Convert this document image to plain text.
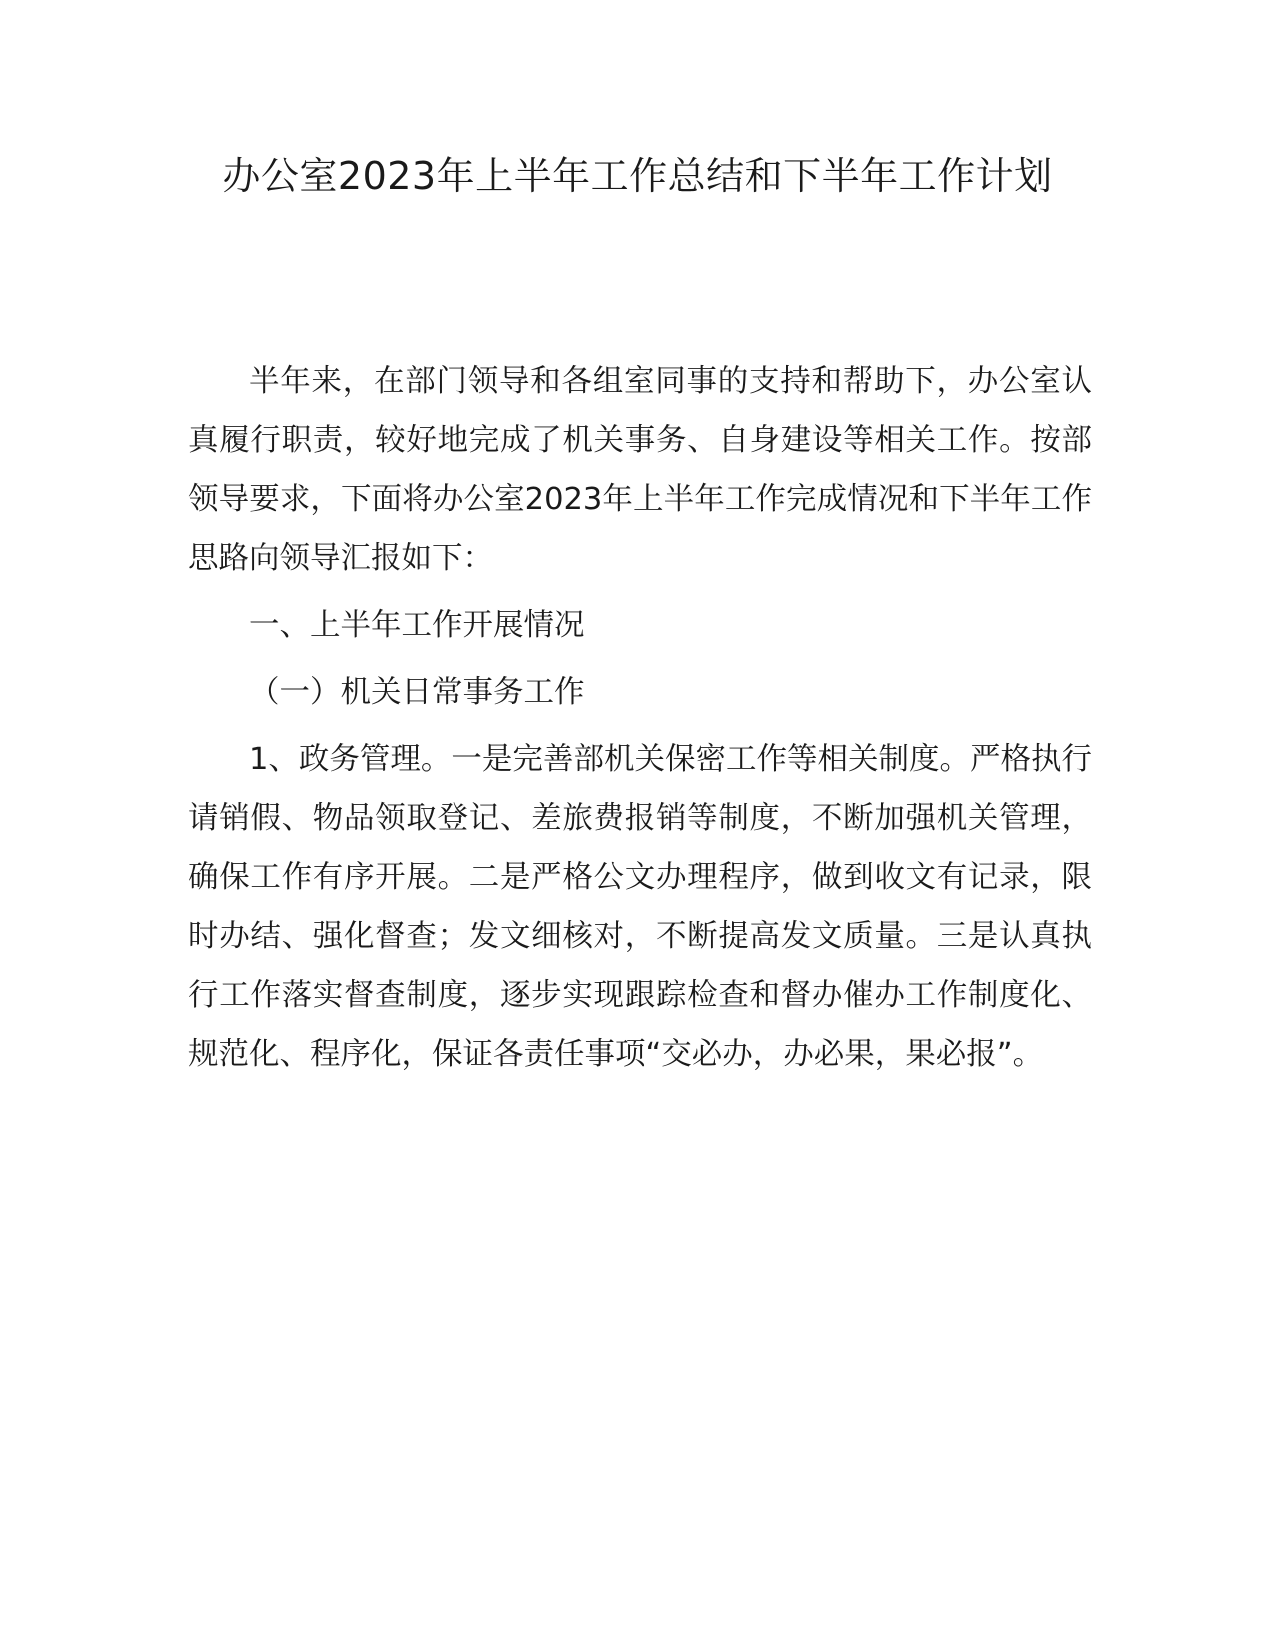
办公室2023年上半年工作总结和下半年工作计划

半年来，在部门领导和各组室同事的支持和帮助下，办公室认真履行职责，较好地完成了机关事务、自身建设等相关工作。按部领导要求，下面将办公室2023年上半年工作完成情况和下半年工作思路向领导汇报如下：

一、上半年工作开展情况

（一）机关日常事务工作

1、政务管理。一是完善部机关保密工作等相关制度。严格执行请销假、物品领取登记、差旅费报销等制度，不断加强机关管理，确保工作有序开展。二是严格公文办理程序，做到收文有记录，限时办结、强化督查；发文细核对，不断提高发文质量。三是认真执行工作落实督查制度，逐步实现跟踪检查和督办催办工作制度化、规范化、程序化，保证各责任事项“交必办，办必果，果必报”。
